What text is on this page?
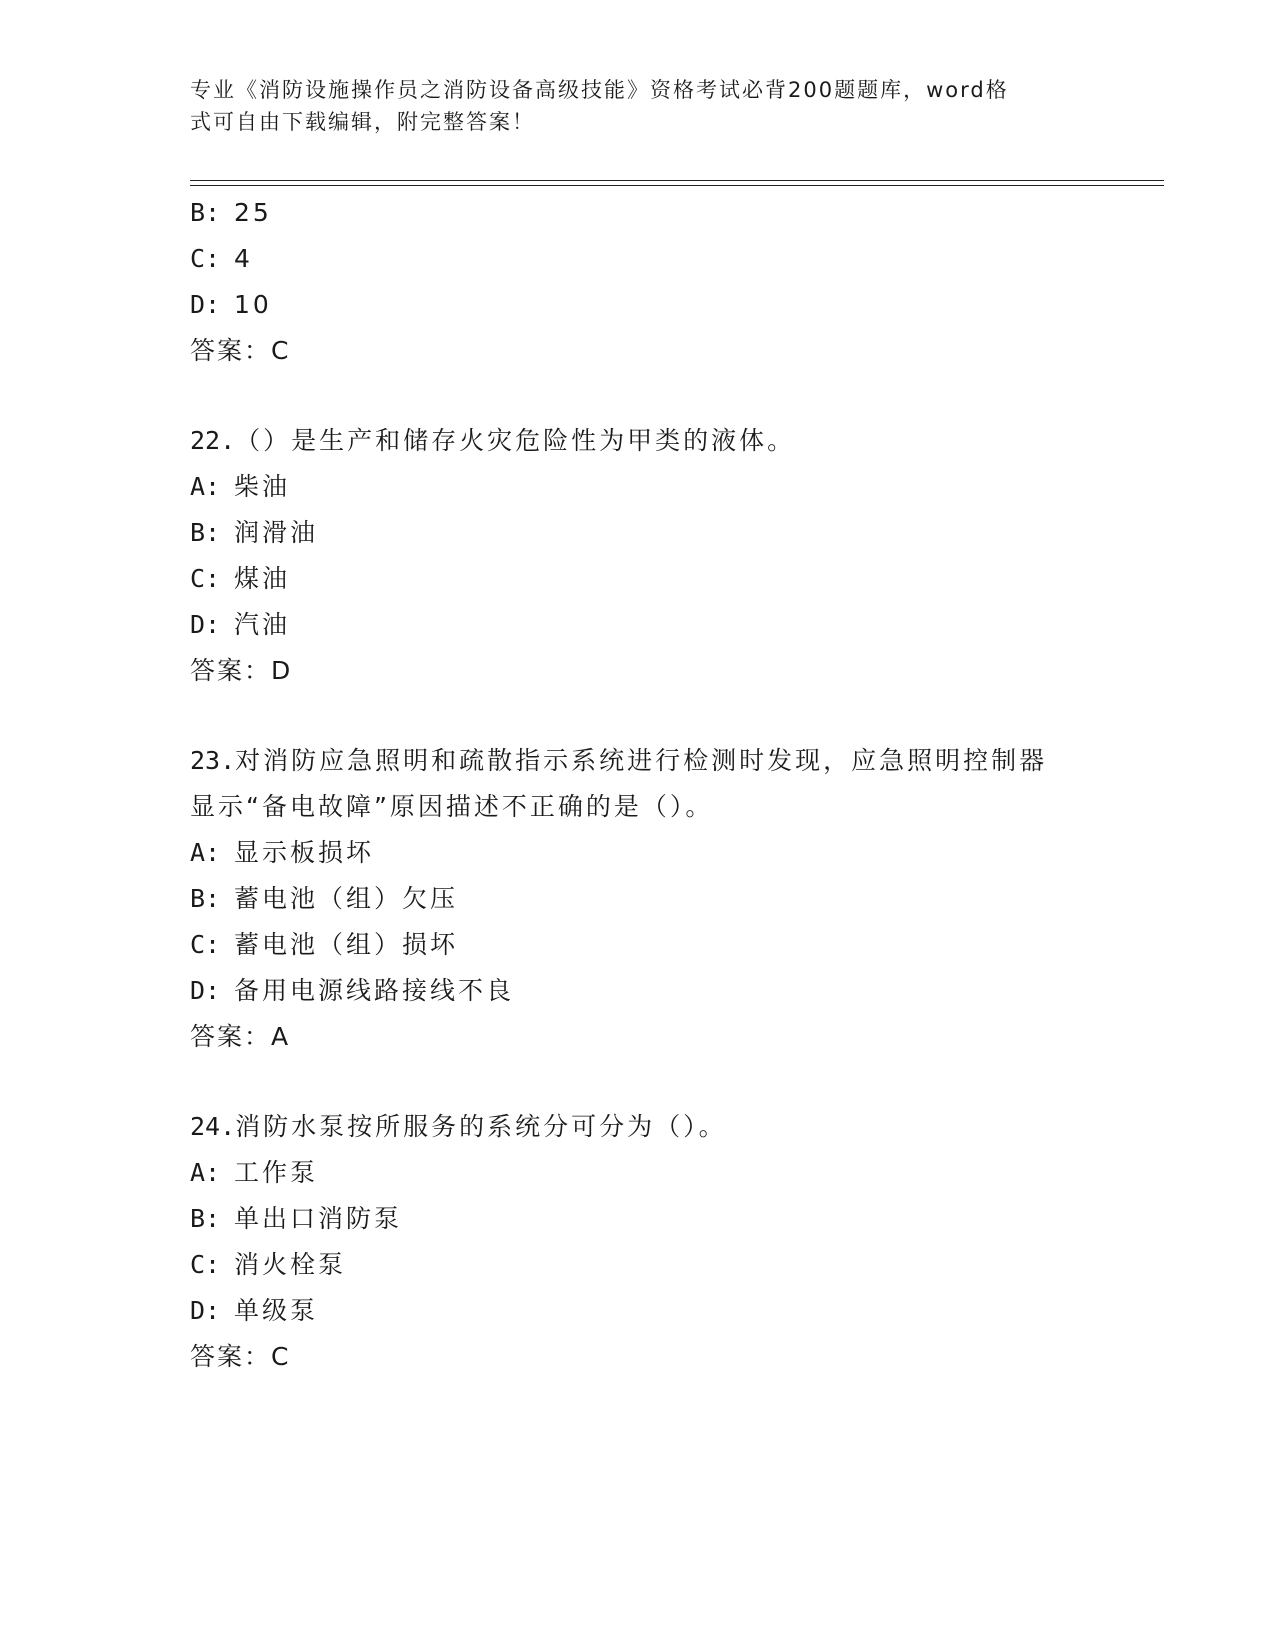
专业《消防设施操作员之消防设备高级技能》资格考试必背200题题库，word格
式可自由下载编辑，附完整答案！

B: 25

C: 4

D: 10

答案：C

22.（）是生产和储存火灾危险性为甲类的液体。

A: 柴油

B: 润滑油

C: 煤油

D: 汽油

答案：D

23.对消防应急照明和疏散指示系统进行检测时发现，应急照明控制器

显示“备电故障”原因描述不正确的是（）。

A: 显示板损坏

B: 蓄电池（组）欠压

C: 蓄电池（组）损坏

D: 备用电源线路接线不良

答案：A

24.消防水泵按所服务的系统分可分为（）。

A: 工作泵

B: 单出口消防泵

C: 消火栓泵

D: 单级泵

答案：C
